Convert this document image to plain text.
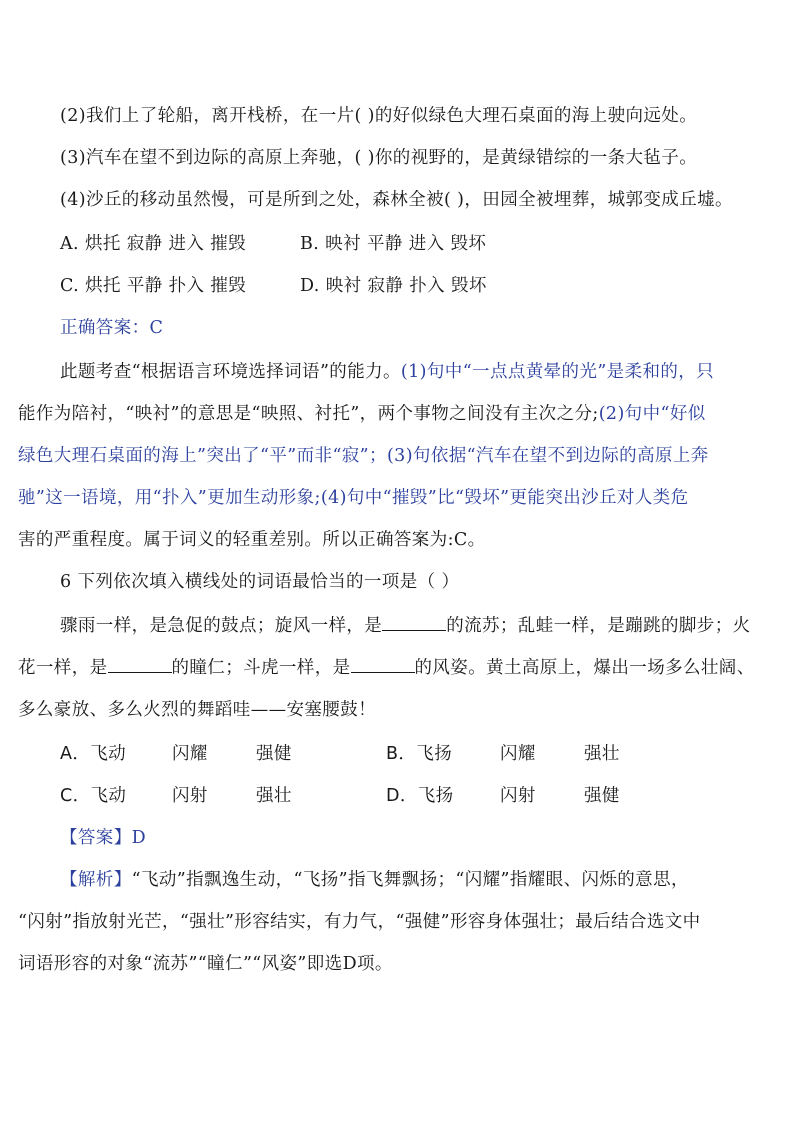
(2)我们上了轮船，离开栈桥，在一片( )的好似绿色大理石桌面的海上驶向远处。
(3)汽车在望不到边际的高原上奔驰，( )你的视野的，是黄绿错综的一条大毡子。
(4)沙丘的移动虽然慢，可是所到之处，森林全被( )，田园全被埋葬，城郭变成丘墟。
A. 烘托 寂静 进入 摧毁	B. 映衬 平静 进入 毁坏
C. 烘托 平静 扑入 摧毁	D. 映衬 寂静 扑入 毁坏
正确答案：C
此题考查“根据语言环境选择词语”的能力。(1)句中“一点点黄晕的光”是柔和的，只
能作为陪衬，“映衬”的意思是“映照、衬托”，两个事物之间没有主次之分;(2)句中“好似
绿色大理石桌面的海上”突出了“平”而非“寂”；(3)句依据“汽车在望不到边际的高原上奔
驰”这一语境，用“扑入”更加生动形象;(4)句中“摧毁”比“毁坏”更能突出沙丘对人类危
害的严重程度。属于词义的轻重差别。所以正确答案为:C。
6 下列依次填入横线处的词语最恰当的一项是（ ）
骤雨一样，是急促的鼓点；旋风一样，是	的流苏；乱蛙一样，是蹦跳的脚步；火
花一样，是	的瞳仁；斗虎一样，是	的风姿。黄土高原上，爆出一场多么壮阔、
多么豪放、多么火烈的舞蹈哇——安塞腰鼓！
A．飞动	闪耀	强健	B．飞扬	闪耀	强壮
C．飞动	闪射	强壮	D．飞扬	闪射	强健
【答案】D
【解析】“飞动”指飘逸生动，“飞扬”指飞舞飘扬；“闪耀”指耀眼、闪烁的意思，
“闪射”指放射光芒，“强壮”形容结实，有力气，“强健”形容身体强壮；最后结合选文中
词语形容的对象“流苏”“瞳仁”“风姿”即选D项。
